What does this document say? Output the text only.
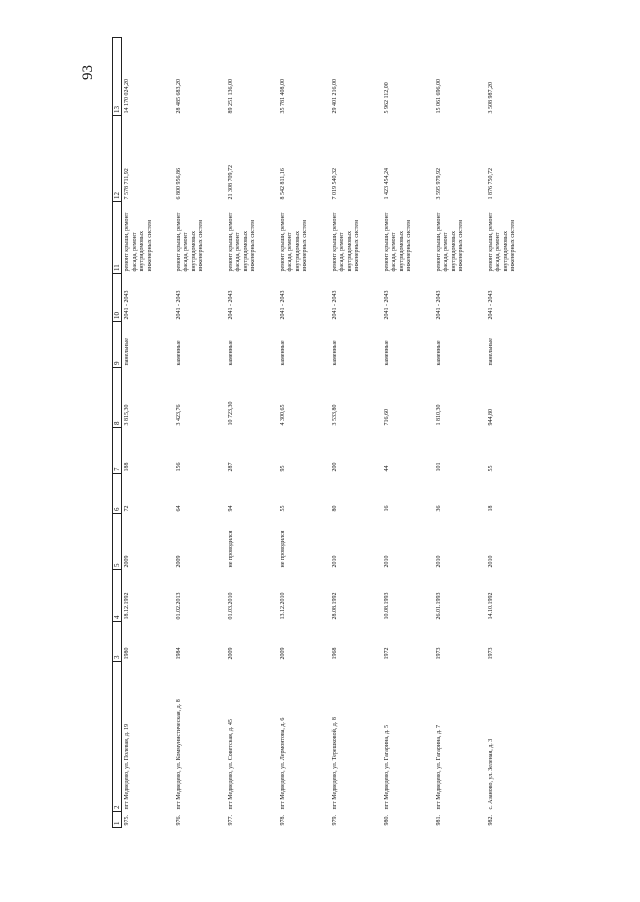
93
1	2	3	4	5	6	7	8	9	10	11	12	13
975.	пгт Медведево, ул. Полевая, д. 19	1980	18.12.1992	2009	72	188	3 815,30	панельные	2041 - 2043	ремонт крыши, ремонт фасада, ремонт внутридомовых инженерных систем	7 578 711,92	14 170 024,20
976.	пгт Медведево, ул. Коммунистическая, д. 8	1984	01.02.2013	2009	64	156	3 423,76	каменные	2041 - 2043	ремонт крыши, ремонт фасада, ремонт внутридомовых инженерных систем	6 800 956,86	28 485 683,20
977.	пгт Медведево, ул. Советская, д. 45	2009	01.03.2010	не проводился	94	287	10 723,30	каменные	2041 - 2043	ремонт крыши, ремонт фасада, ремонт внутридомовых инженерных систем	21 308 709,72	89 251 136,00
978.	пгт Медведево, ул. Лермонтова, д. 6	2009	13.12.2010	не проводился	55	95	4 300,65	каменные	2041 - 2043	ремонт крыши, ремонт фасада, ремонт внутридомовых инженерных систем	8 542 811,16	35 781 408,00
979.	пгт Медведево, ул. Терешковой, д. 8	1968	28.08.1992	2010	80	200	3 533,80	каменные	2041 - 2043	ремонт крыши, ремонт фасада, ремонт внутридомовых инженерных систем	7 019 540,32	29 401 216,00
980.	пгт Медведево, ул. Гагарина, д. 5	1972	10.08.1993	2010	16	44	716,60	каменные	2041 - 2043	ремонт крыши, ремонт фасада, ремонт внутридомовых инженерных систем	1 423 454,24	5 962 112,00
981.	пгт Медведево, ул. Гагарина, д. 7	1973	26.01.1993	2010	36	101	1 810,30	каменные	2041 - 2043	ремонт крыши, ремонт фасада, ремонт внутридомовых инженерных систем	3 595 979,92	15 061 696,00
982.	с. Азаново, ул. Зеленая, д. 3	1973	14.10.1992	2010	18	55	944,80	панельные	2041 - 2043	ремонт крыши, ремонт фасада, ремонт внутридомовых инженерных систем	1 876 750,72	3 508 987,20
